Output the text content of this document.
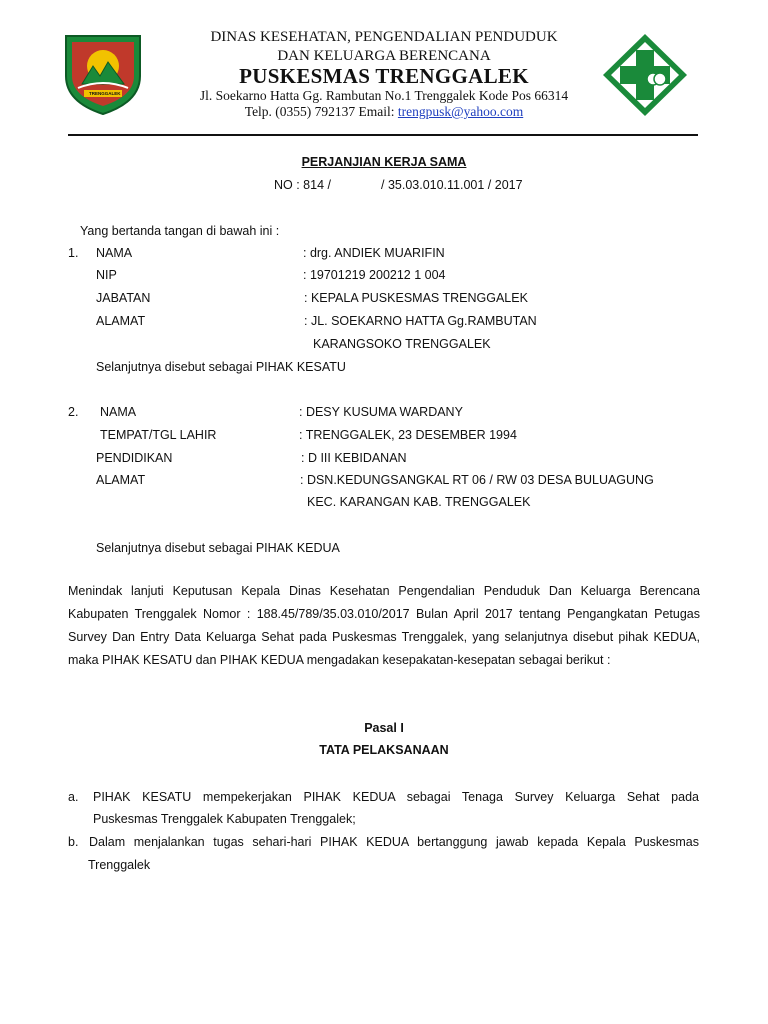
TRENGGALEK
DINAS KESEHATAN, PENGENDALIAN PENDUDUK
DAN KELUARGA BERENCANA
PUSKESMAS TRENGGALEK
Jl. Soekarno Hatta Gg. Rambutan No.1 Trenggalek Kode Pos 66314
Telp. (0355) 792137 Email: trengpusk@yahoo.com
PERJANJIAN KERJA SAMA
NO : 814 /	/ 35.03.010.11.001 / 2017
Yang bertanda tangan di bawah ini :
1. NAMA	: drg. ANDIEK MUARIFIN
NIP	: 19701219 200212 1 004
JABATAN	: KEPALA PUSKESMAS TRENGGALEK
ALAMAT	: JL. SOEKARNO HATTA Gg.RAMBUTAN
KARANGSOKO TRENGGALEK
Selanjutnya disebut sebagai PIHAK KESATU
2. NAMA	: DESY KUSUMA WARDANY
TEMPAT/TGL LAHIR	: TRENGGALEK, 23 DESEMBER 1994
PENDIDIKAN	: D III KEBIDANAN
ALAMAT	: DSN.KEDUNGSANGKAL RT 06 / RW 03 DESA BULUAGUNG
KEC. KARANGAN KAB. TRENGGALEK
Selanjutnya disebut sebagai PIHAK KEDUA
Menindak lanjuti Keputusan Kepala Dinas Kesehatan Pengendalian Penduduk Dan Keluarga Berencana
Kabupaten Trenggalek Nomor : 188.45/789/35.03.010/2017 Bulan April 2017 tentang Pengangkatan Petugas
Survey Dan Entry Data Keluarga Sehat pada Puskesmas Trenggalek, yang selanjutnya disebut pihak KEDUA,
maka PIHAK KESATU dan PIHAK KEDUA mengadakan kesepakatan-kesepatan sebagai berikut :
Pasal I
TATA PELAKSANAAN
a. PIHAK KESATU mempekerjakan PIHAK KEDUA sebagai Tenaga Survey Keluarga Sehat pada
Puskesmas Trenggalek Kabupaten Trenggalek;
b. Dalam menjalankan tugas sehari-hari PIHAK KEDUA bertanggung jawab kepada Kepala Puskesmas
Trenggalek
